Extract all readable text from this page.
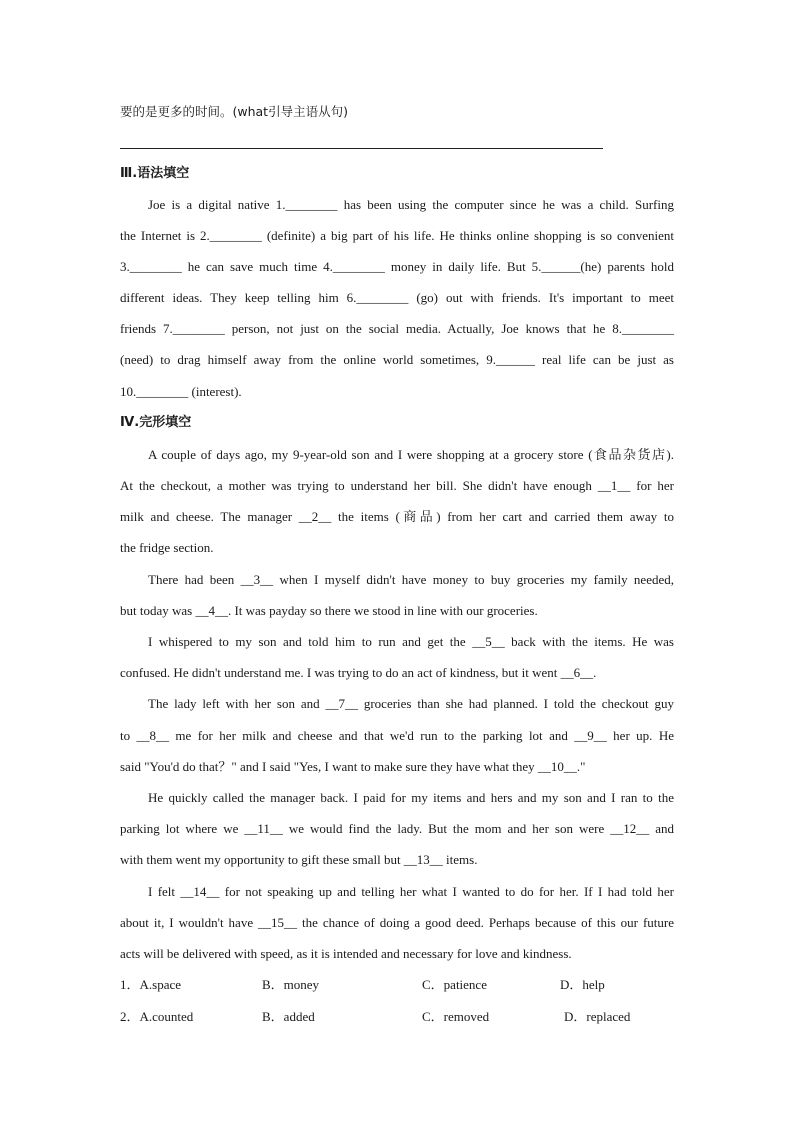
要的是更多的时间。(what引导主语从句)
Ⅲ.语法填空
Joe is a digital native 1.________ has been using the computer since he was a child. Surfing
the Internet is 2.________ (definite) a big part of his life. He thinks online shopping is so convenient
3.________ he can save much time 4.________ money in daily life. But 5.______(he) parents hold
different ideas. They keep telling him 6.________ (go) out with friends. It's important to meet
friends 7.________ person, not just on the social media. Actually, Joe knows that he 8.________
(need) to drag himself away from the online world sometimes, 9.______ real life can be just as
10.________ (interest).
Ⅳ.完形填空
A couple of days ago, my 9-year-old son and I were shopping at a grocery store (食品杂货店).
At the checkout, a mother was trying to understand her bill. She didn't have enough __1__ for her
milk and cheese. The manager __2__ the items (商品) from her cart and carried them away to
the fridge section.
There had been __3__ when I myself didn't have money to buy groceries my family needed,
but today was __4__. It was payday so there we stood in line with our groceries.
I whispered to my son and told him to run and get the __5__ back with the items. He was
confused. He didn't understand me. I was trying to do an act of kindness, but it went __6__.
The lady left with her son and __7__ groceries than she had planned. I told the checkout guy
to __8__ me for her milk and cheese and that we'd run to the parking lot and __9__ her up. He
said "You'd do that？" and I said "Yes, I want to make sure they have what they __10__."
He quickly called the manager back. I paid for my items and hers and my son and I ran to the
parking lot where we __11__ we would find the lady. But the mom and her son were __12__ and
with them went my opportunity to gift these small but __13__ items.
I felt __14__ for not speaking up and telling her what I wanted to do for her. If I had told her
about it, I wouldn't have __15__ the chance of doing a good deed. Perhaps because of this our future
acts will be delivered with speed, as it is intended and necessary for love and kindness.
1．A.space	B．money	C．patience	D．help
2．A.counted	B．added	C．removed	D．replaced
